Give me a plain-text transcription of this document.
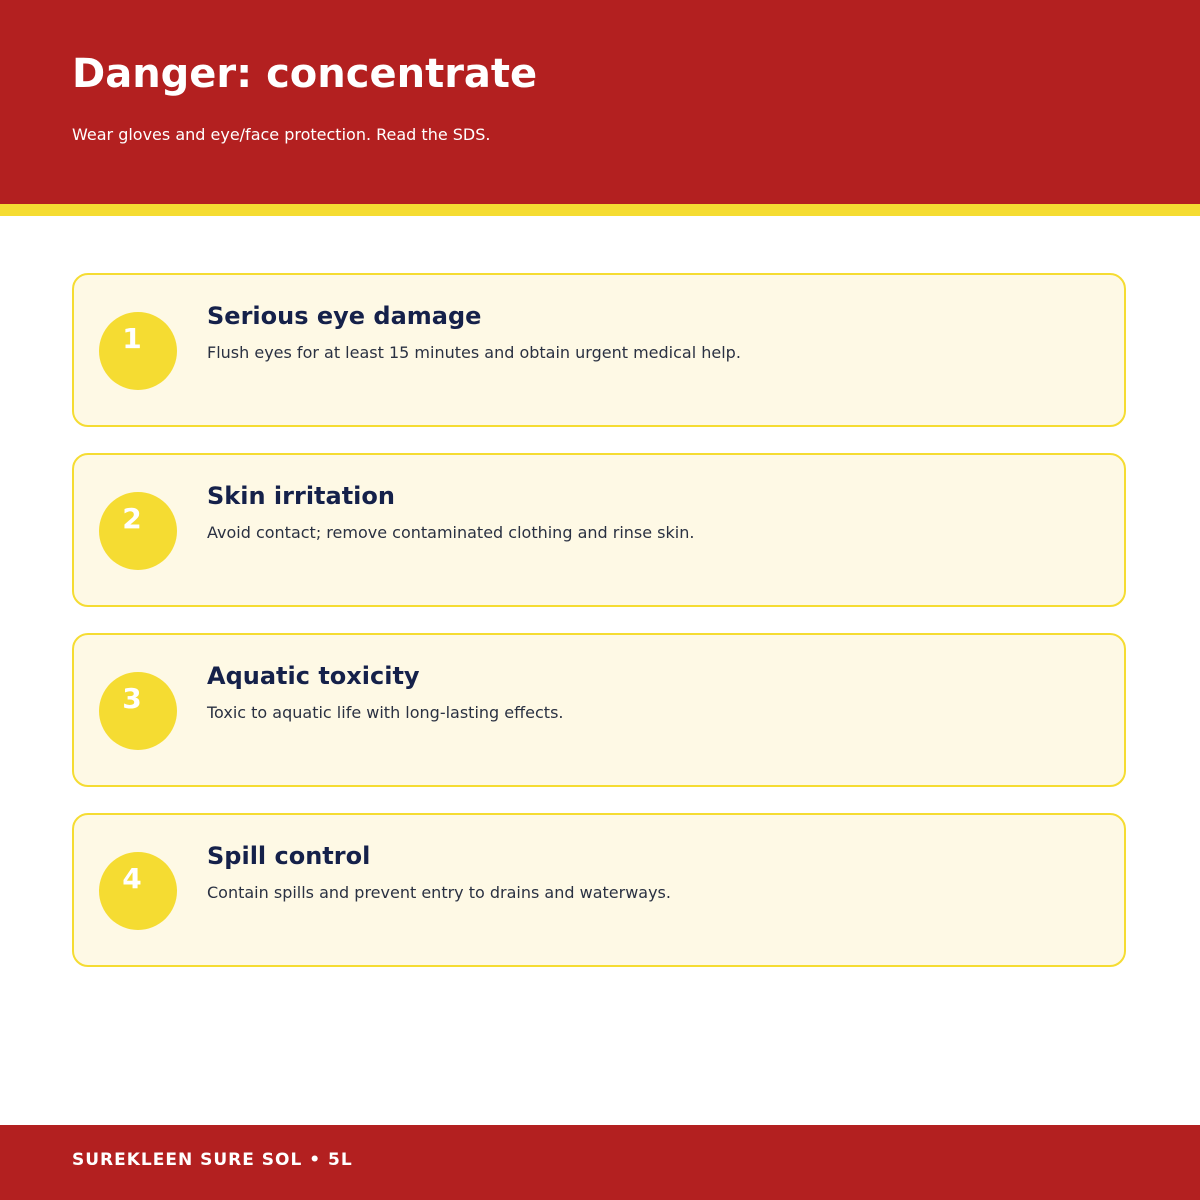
Danger: concentrate

Wear gloves and eye/face protection. Read the SDS.

1
Serious eye damage

Flush eyes for at least 15 minutes and obtain urgent medical help.

2
Skin irritation

Avoid contact; remove contaminated clothing and rinse skin.

3
Aquatic toxicity

Toxic to aquatic life with long-lasting effects.

4
Spill control

Contain spills and prevent entry to drains and waterways.

SUREKLEEN SURE SOL • 5L
